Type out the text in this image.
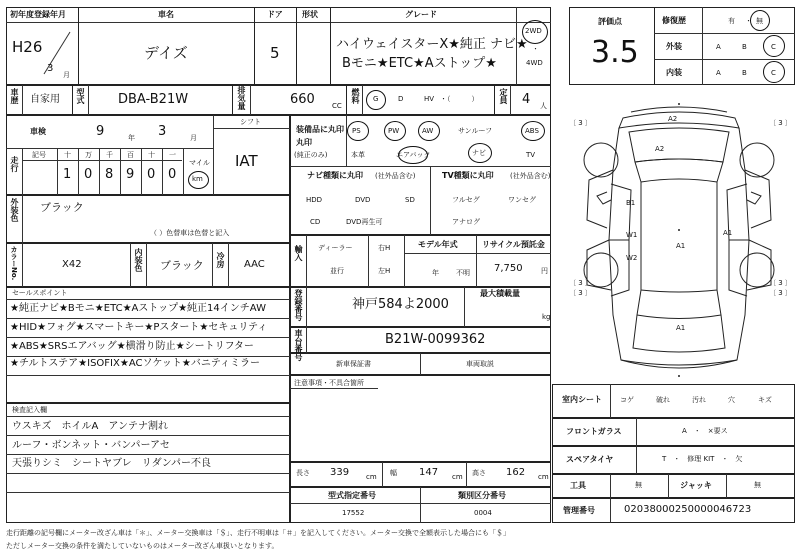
初年度登録年月	車名	ドア 形状	グレード
H26
3
月
デイズ	5	ハイウェイスターX★純正 ナビ★
Bモニ★ETC★Aストップ★
2WD
・
4WD
車歴 自家用 型式	DBA-B21W	排気量	660 CC
燃料 G	D	HV ・（　　　）	定員 4 人
車検	9	年 3	月
シフト
IAT
走行
記号	十 万 千 百 十 一
1 0 8 9 0 0
マイル
km
装備品に丸印
丸印
(純正のみ)
PS	PW	AW	サンルーフ	ABS
本革	エアバック	ナビ	TV
ナビ種類に丸印 (社外品含む)	TV種類に丸印 (社外品含む)
HDD	DVD	SD
CD	DVD再生可
フルセグ	ワンセグ
アナログ
外装色 ブラック
（ ）色替車は色替と記入
カラーNo.	X42	内装色 ブラック 冷房 AAC
輸入 ディーラー
並行
右H
左H
モデル年式
年 不明
リサイクル預託金
7,750	円
セールスポイント
★純正ナビ★Bモニ★ETC★Aストップ★純正14インチAW
★HID★フォグ★スマートキー★Pスタート★セキュリティ
★ABS★SRSエアバッグ★横滑り防止★シートリフター
★チルトステア★ISOFIX★ACソケット★バニティミラー
登録番号	神戸584よ2000
最大積載量
kg
車台番号	B21W-0099362
新車保証書	車両取説
注意事項・不具合箇所
検査記入欄
ウスキズ　ホイルA　アンテナ割れ
ルーフ・ボンネット・バンパーアセ
天張りシミ　シートヤブレ　リダンパー不良
長さ 339 cm 幅 147 cm 高さ 162 cm
型式指定番号
17552
類別区分番号
0004
走行距離の記号欄にメーター改ざん車は「＊」、メーター交換車は「＄」、走行不明車は「＃」を記入してください。メーター交換で全額表示した場合にも「＄」
ただしメーター交換の条件を満たしていないものはメーター改ざん車扱いとなります。
評価点
3.5
修復歴	有 ・ 無
外装	A	B	C
内装	A	B	C
〔 3 〕	〔 3 〕
〔 3 〕	〔 3 〕
〔 3 〕	〔 3 〕
A2
A2
A1
B1
W1
W2
A1
A1
室内シート	コゲ	破れ	汚れ	穴	キズ
フロントガラス	A　・　×要ス
スペアタイヤ	T　・　修理 KIT　・　欠
工具	無	ジャッキ	無
管理番号	02038000250000046723
